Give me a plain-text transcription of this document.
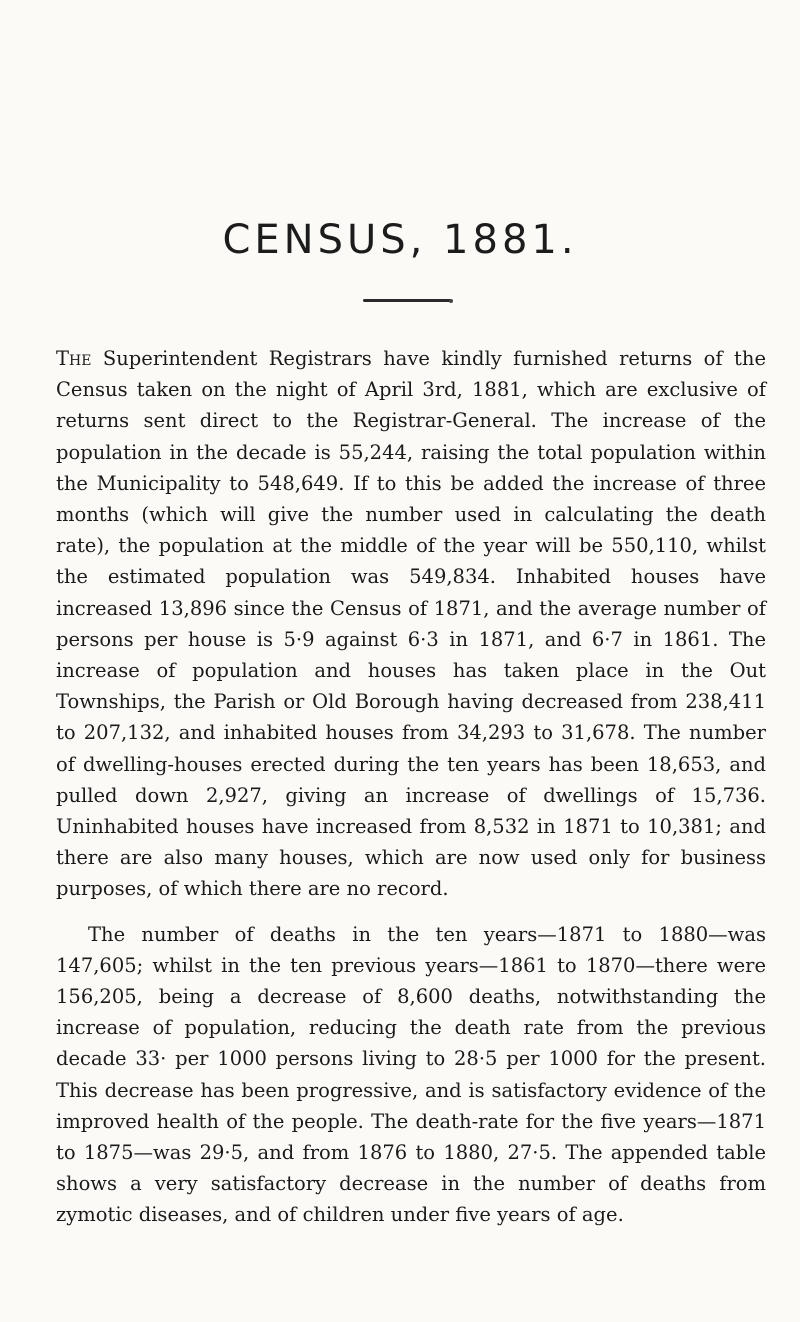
CENSUS, 1881.

The Superintendent Registrars have kindly furnished returns of the Census taken on the night of April 3rd, 1881, which are exclusive of returns sent direct to the Registrar-General. The increase of the population in the decade is 55,244, raising the total population within the Municipality to 548,649. If to this be added the increase of three months (which will give the number used in calculating the death rate), the population at the middle of the year will be 550,110, whilst the estimated population was 549,834. Inhabited houses have increased 13,896 since the Census of 1871, and the average number of persons per house is 5·9 against 6·3 in 1871, and 6·7 in 1861. The increase of population and houses has taken place in the Out Townships, the Parish or Old Borough having decreased from 238,411 to 207,132, and inhabited houses from 34,293 to 31,678. The number of dwelling-houses erected during the ten years has been 18,653, and pulled down 2,927, giving an increase of dwellings of 15,736. Uninhabited houses have increased from 8,532 in 1871 to 10,381; and there are also many houses, which are now used only for business purposes, of which there are no record.

The number of deaths in the ten years—1871 to 1880—was 147,605; whilst in the ten previous years—1861 to 1870—there were 156,205, being a decrease of 8,600 deaths, notwithstanding the increase of population, reducing the death rate from the previous decade 33· per 1000 persons living to 28·5 per 1000 for the present. This decrease has been progressive, and is satisfactory evidence of the improved health of the people. The death-rate for the five years—1871 to 1875—was 29·5, and from 1876 to 1880, 27·5. The appended table shows a very satisfactory decrease in the number of deaths from zymotic diseases, and of children under five years of age.
